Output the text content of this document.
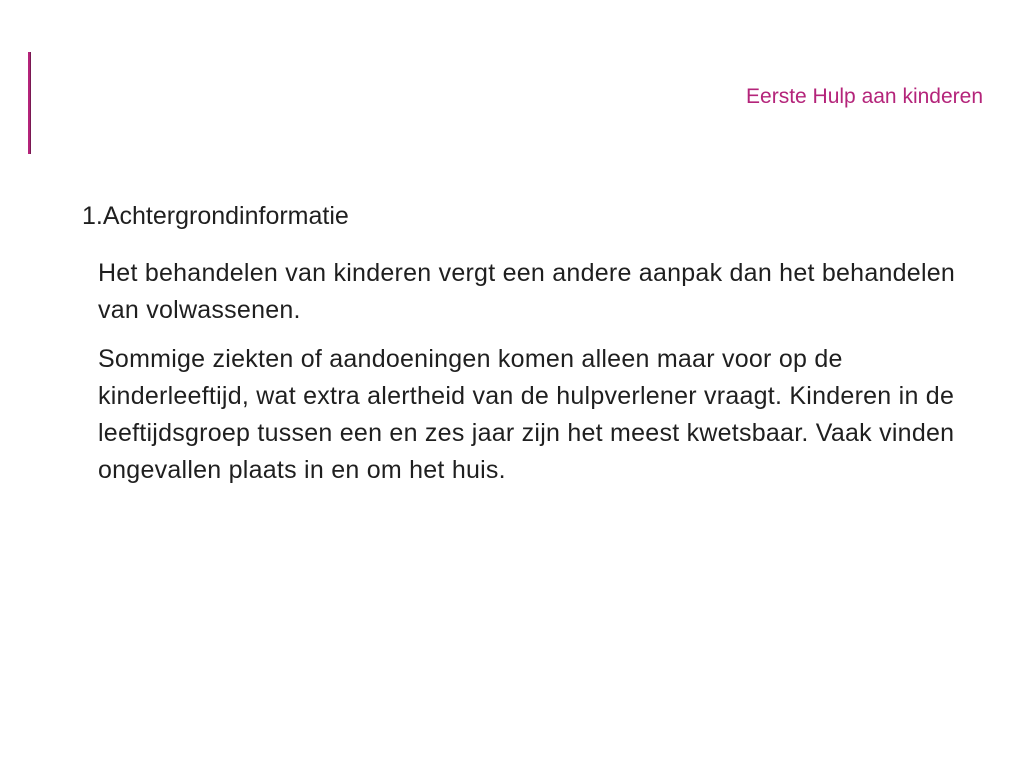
Eerste Hulp aan kinderen
1.Achtergrondinformatie
Het behandelen van kinderen vergt een andere aanpak dan het behandelen van volwassenen.
Sommige ziekten of aandoeningen komen alleen maar voor op de kinderleeftijd, wat extra alertheid van de hulpverlener vraagt. Kinderen in de leeftijdsgroep tussen een en zes jaar zijn het meest kwetsbaar. Vaak vinden ongevallen plaats in en om het huis.
